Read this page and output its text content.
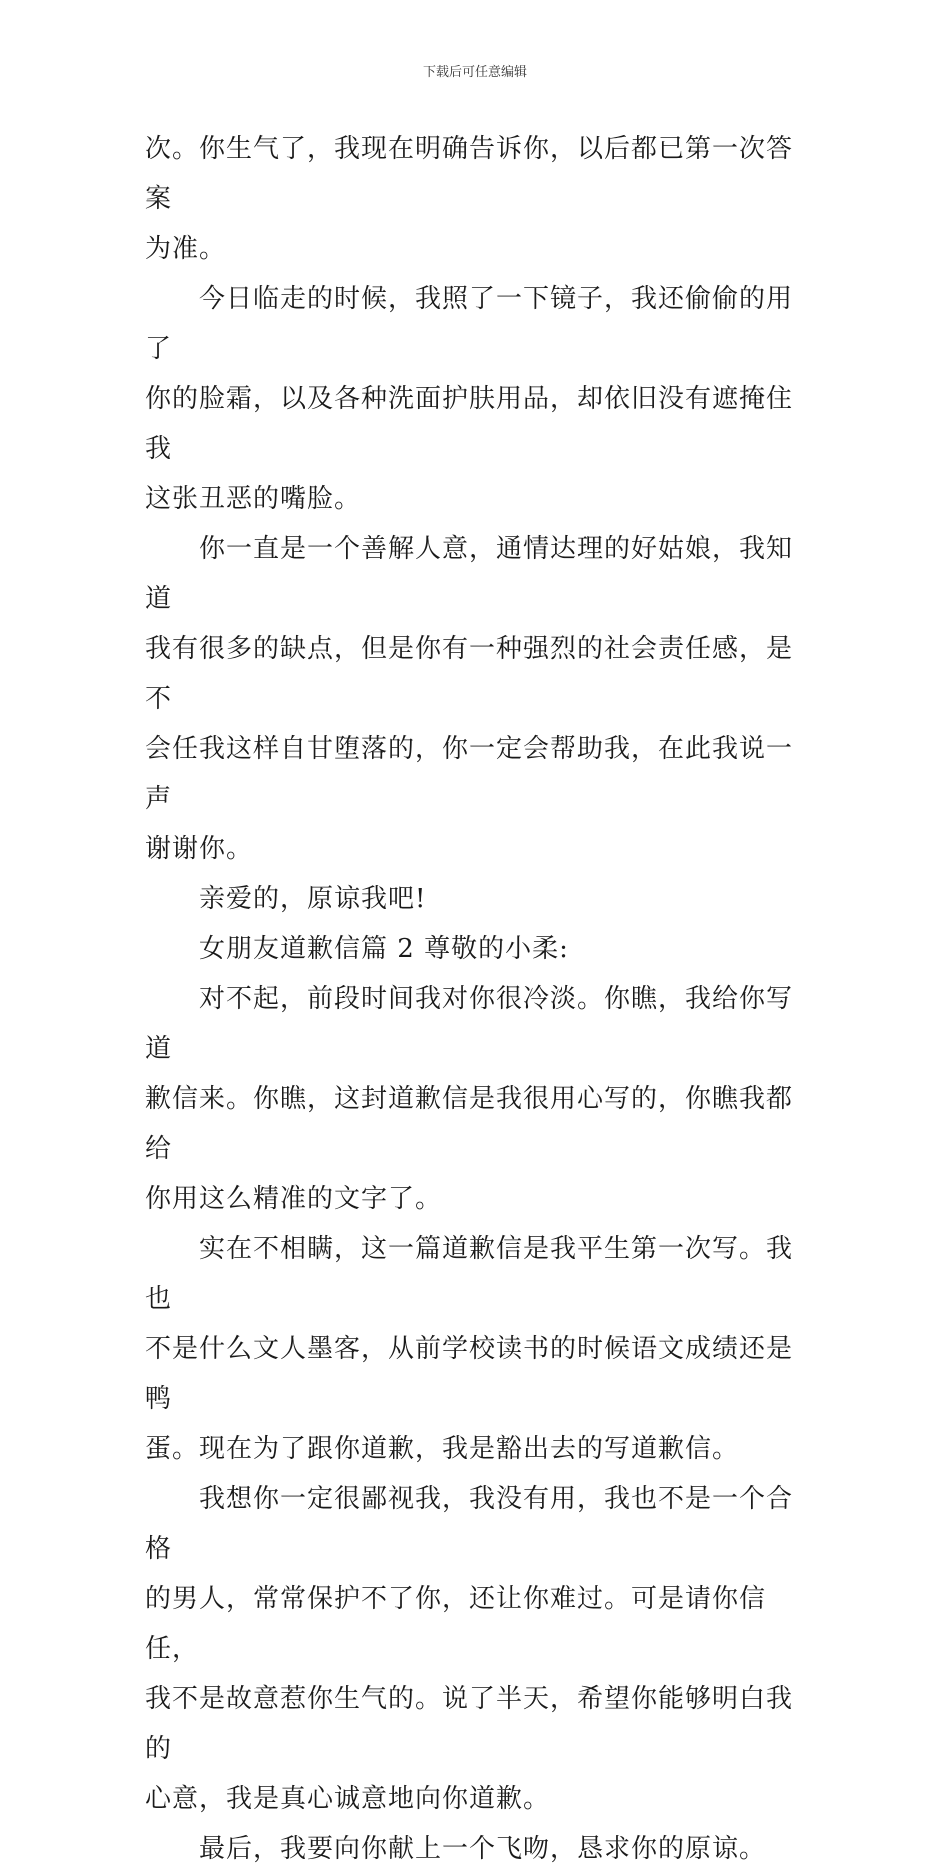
下载后可任意编辑

次。你生气了，我现在明确告诉你，以后都已第一次答案
为准。

　　今日临走的时候，我照了一下镜子，我还偷偷的用了
你的脸霜，以及各种洗面护肤用品，却依旧没有遮掩住我
这张丑恶的嘴脸。

　　你一直是一个善解人意，通情达理的好姑娘，我知道
我有很多的缺点，但是你有一种强烈的社会责任感，是不
会任我这样自甘堕落的，你一定会帮助我，在此我说一声
谢谢你。

　　亲爱的，原谅我吧!

　　女朋友道歉信篇 2 尊敬的小柔:

　　对不起，前段时间我对你很冷淡。你瞧，我给你写道
歉信来。你瞧，这封道歉信是我很用心写的，你瞧我都给
你用这么精准的文字了。

　　实在不相瞒，这一篇道歉信是我平生第一次写。我也
不是什么文人墨客，从前学校读书的时候语文成绩还是鸭
蛋。现在为了跟你道歉，我是豁出去的写道歉信。

　　我想你一定很鄙视我，我没有用，我也不是一个合格
的男人，常常保护不了你，还让你难过。可是请你信任，
我不是故意惹你生气的。说了半天，希望你能够明白我的
心意，我是真心诚意地向你道歉。

　　最后，我要向你献上一个飞吻，恳求你的原谅。
